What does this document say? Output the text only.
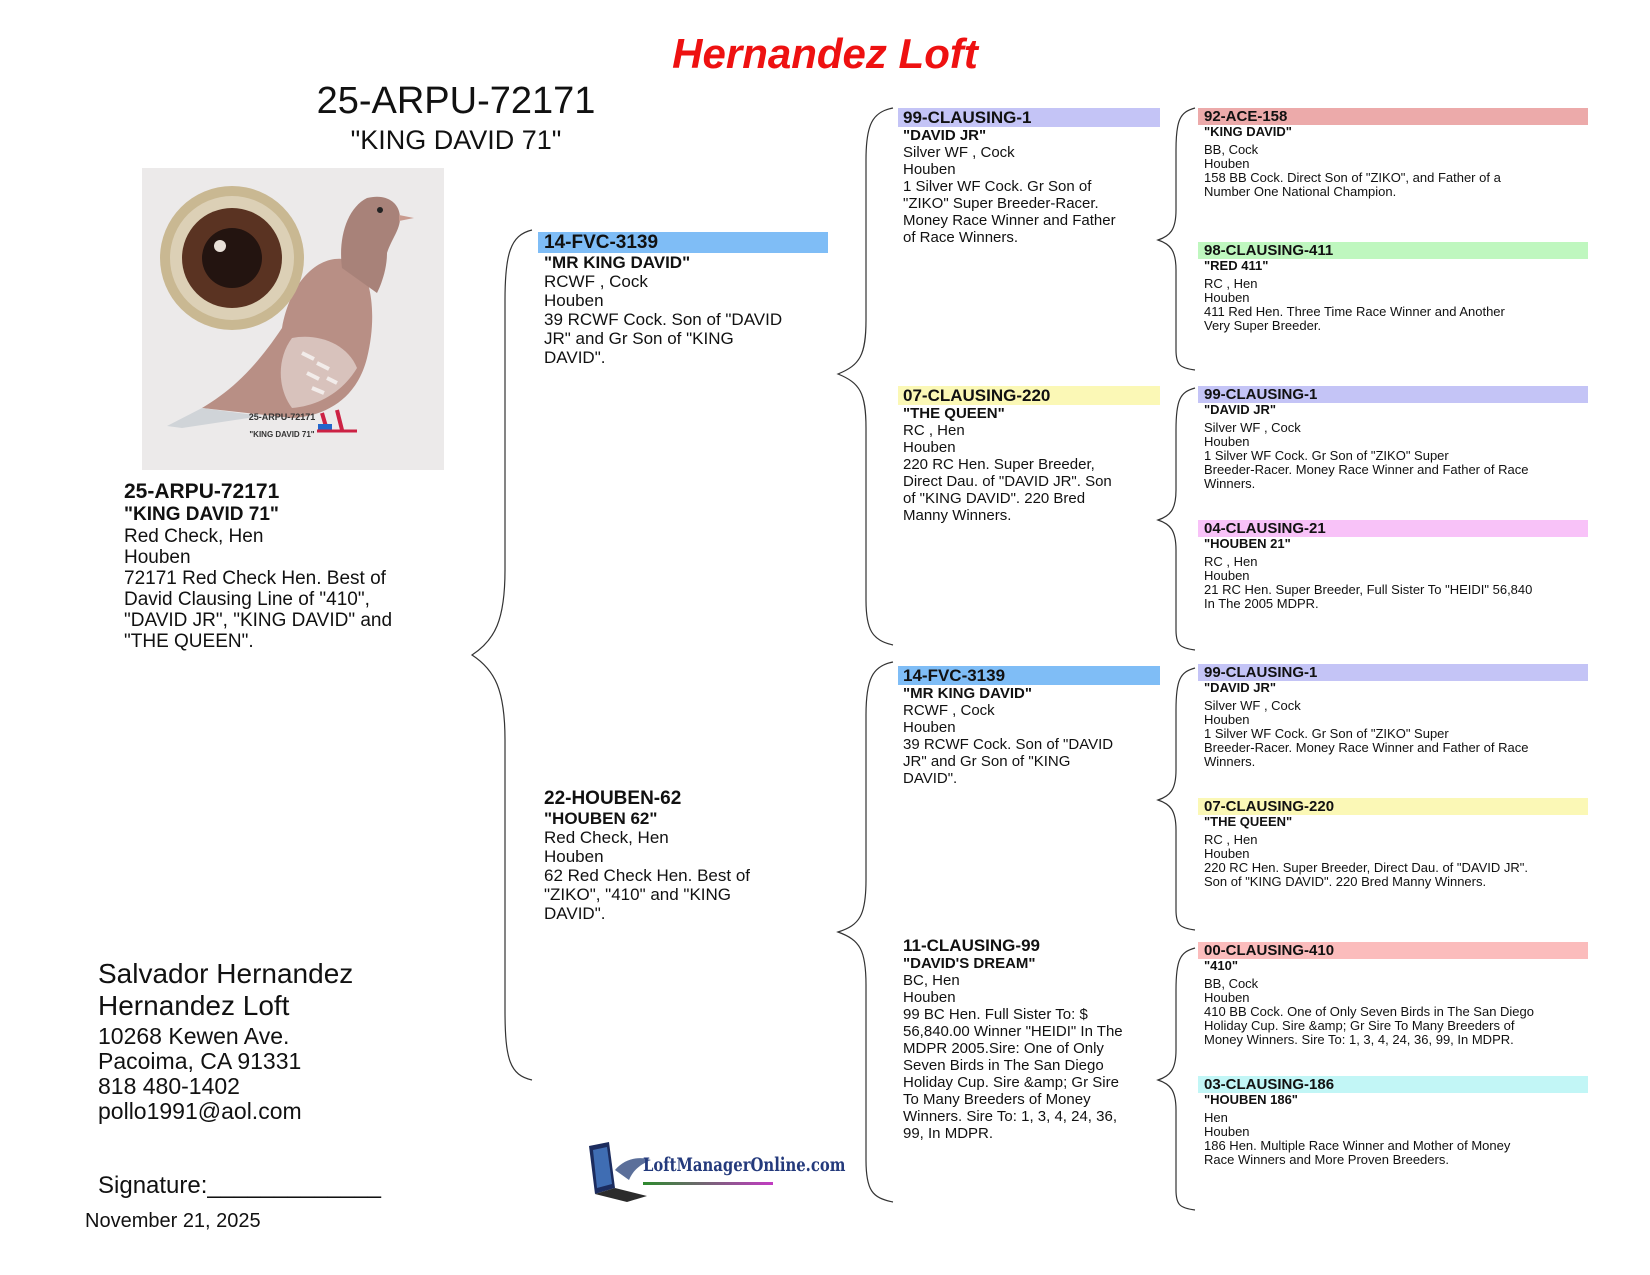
Hernandez Loft
25-ARPU-72171
"KING DAVID 71"
25-ARPU-72171
"KING DAVID 71"
25-ARPU-72171
"KING DAVID 71"
Red Check, Hen
Houben
72171 Red Check Hen. Best of
David Clausing Line of "410",
"DAVID JR", "KING DAVID" and
"THE QUEEN".
14-FVC-3139
"MR KING DAVID"
RCWF , Cock
Houben
39 RCWF Cock. Son of "DAVID
JR" and Gr Son of "KING
DAVID".
22-HOUBEN-62
"HOUBEN 62"
Red Check, Hen
Houben
62 Red Check Hen. Best of
"ZIKO", "410" and "KING
DAVID".
99-CLAUSING-1
"DAVID JR"
Silver WF , Cock
Houben
1 Silver WF Cock. Gr Son of
"ZIKO" Super Breeder-Racer.
Money Race Winner and Father
of Race Winners.
07-CLAUSING-220
"THE QUEEN"
RC , Hen
Houben
220 RC Hen. Super Breeder,
Direct Dau. of "DAVID JR". Son
of "KING DAVID". 220 Bred
Manny Winners.
14-FVC-3139
"MR KING DAVID"
RCWF , Cock
Houben
39 RCWF Cock. Son of "DAVID
JR" and Gr Son of "KING
DAVID".
11-CLAUSING-99
"DAVID'S DREAM"
BC, Hen
Houben
99 BC Hen. Full Sister To: $
56,840.00 Winner "HEIDI" In The
MDPR 2005.Sire: One of Only
Seven Birds in The San Diego
Holiday Cup. Sire &amp; Gr Sire
To Many Breeders of Money
Winners. Sire To: 1, 3, 4, 24, 36,
99, In MDPR.
92-ACE-158
"KING DAVID"
BB, Cock
Houben
158 BB Cock. Direct Son of "ZIKO", and Father of a
Number One National Champion.
98-CLAUSING-411
"RED 411"
RC , Hen
Houben
411 Red Hen. Three Time Race Winner and Another
Very Super Breeder.
99-CLAUSING-1
"DAVID JR"
Silver WF , Cock
Houben
1 Silver WF Cock. Gr Son of "ZIKO" Super
Breeder-Racer. Money Race Winner and Father of Race
Winners.
04-CLAUSING-21
"HOUBEN 21"
RC , Hen
Houben
21 RC Hen. Super Breeder, Full Sister To "HEIDI" 56,840
In The 2005 MDPR.
99-CLAUSING-1
"DAVID JR"
Silver WF , Cock
Houben
1 Silver WF Cock. Gr Son of "ZIKO" Super
Breeder-Racer. Money Race Winner and Father of Race
Winners.
07-CLAUSING-220
"THE QUEEN"
RC , Hen
Houben
220 RC Hen. Super Breeder, Direct Dau. of "DAVID JR".
Son of "KING DAVID". 220 Bred Manny Winners.
00-CLAUSING-410
"410"
BB, Cock
Houben
410 BB Cock. One of Only Seven Birds in The San Diego
Holiday Cup. Sire &amp; Gr Sire To Many Breeders of
Money Winners. Sire To: 1, 3, 4, 24, 36, 99, In MDPR.
03-CLAUSING-186
"HOUBEN 186"
Hen
Houben
186 Hen. Multiple Race Winner and Mother of Money
Race Winners and More Proven Breeders.
Salvador Hernandez
Hernandez Loft
10268 Kewen Ave.
Pacoima, CA 91331
818 480-1402
pollo1991@aol.com
Signature:_____________
November 21, 2025
LoftManagerOnline.com
